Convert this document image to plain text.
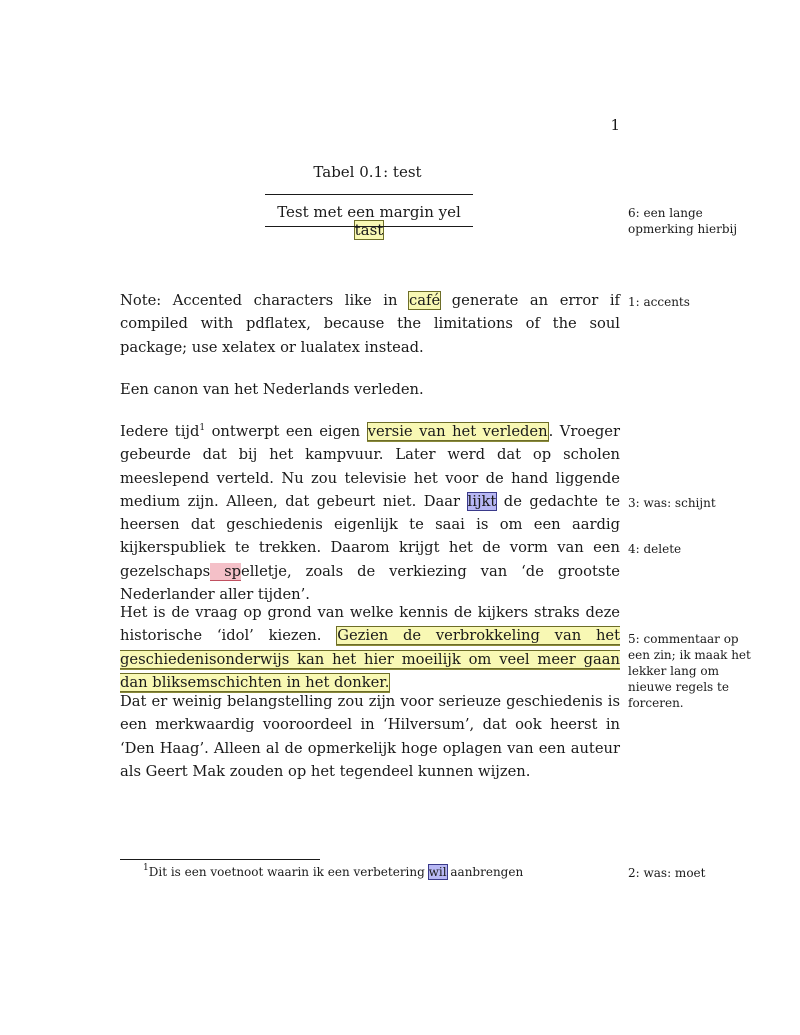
1
Tabel 0.1: test
Test met een margin yel tast

Note: Accented characters like in café generate an error if compiled with pdflatex, because the limitations of the soul package; use xelatex or lualatex instead.

Een canon van het Nederlands verleden.

Iedere tijd$^1$ ontwerpt een eigen versie van het verleden. Vroeger gebeurde dat bij het kampvuur. Later werd dat op scholen meeslepend verteld. Nu zou televisie het voor de hand liggende medium zijn. Alleen, dat gebeurt niet. Daar lijkt de gedachte te heersen dat geschiedenis eigenlijk te saai is om een aardig kijkerspubliek te trekken. Daarom krijgt het de vorm van een gezelschaps spelletje, zoals de verkiezing van ‘de grootste Nederlander aller tijden’.

Het is de vraag op grond van welke kennis de kijkers straks deze historische ‘idol’ kiezen. Gezien de verbrokkeling van het geschiedenisonderwijs kan het hier moeilijk om veel meer gaan dan bliksemschichten in het donker.

Dat er weinig belangstelling zou zijn voor serieuze geschiedenis is een merkwaardig vooroordeel in ‘Hilversum’, dat ook heerst in ‘Den Haag’. Alleen al de opmerkelijk hoge oplagen van een auteur als Geert Mak zouden op het tegendeel kunnen wijzen.

$^1$Dit is een voetnoot waarin ik een verbetering wil aanbrengen
6: een lange opmerking hierbij
1: accents
3: was: schijnt
4: delete
5: commentaar op een zin; ik maak het lekker lang om nieuwe regels te forceren.
2: was: moet
